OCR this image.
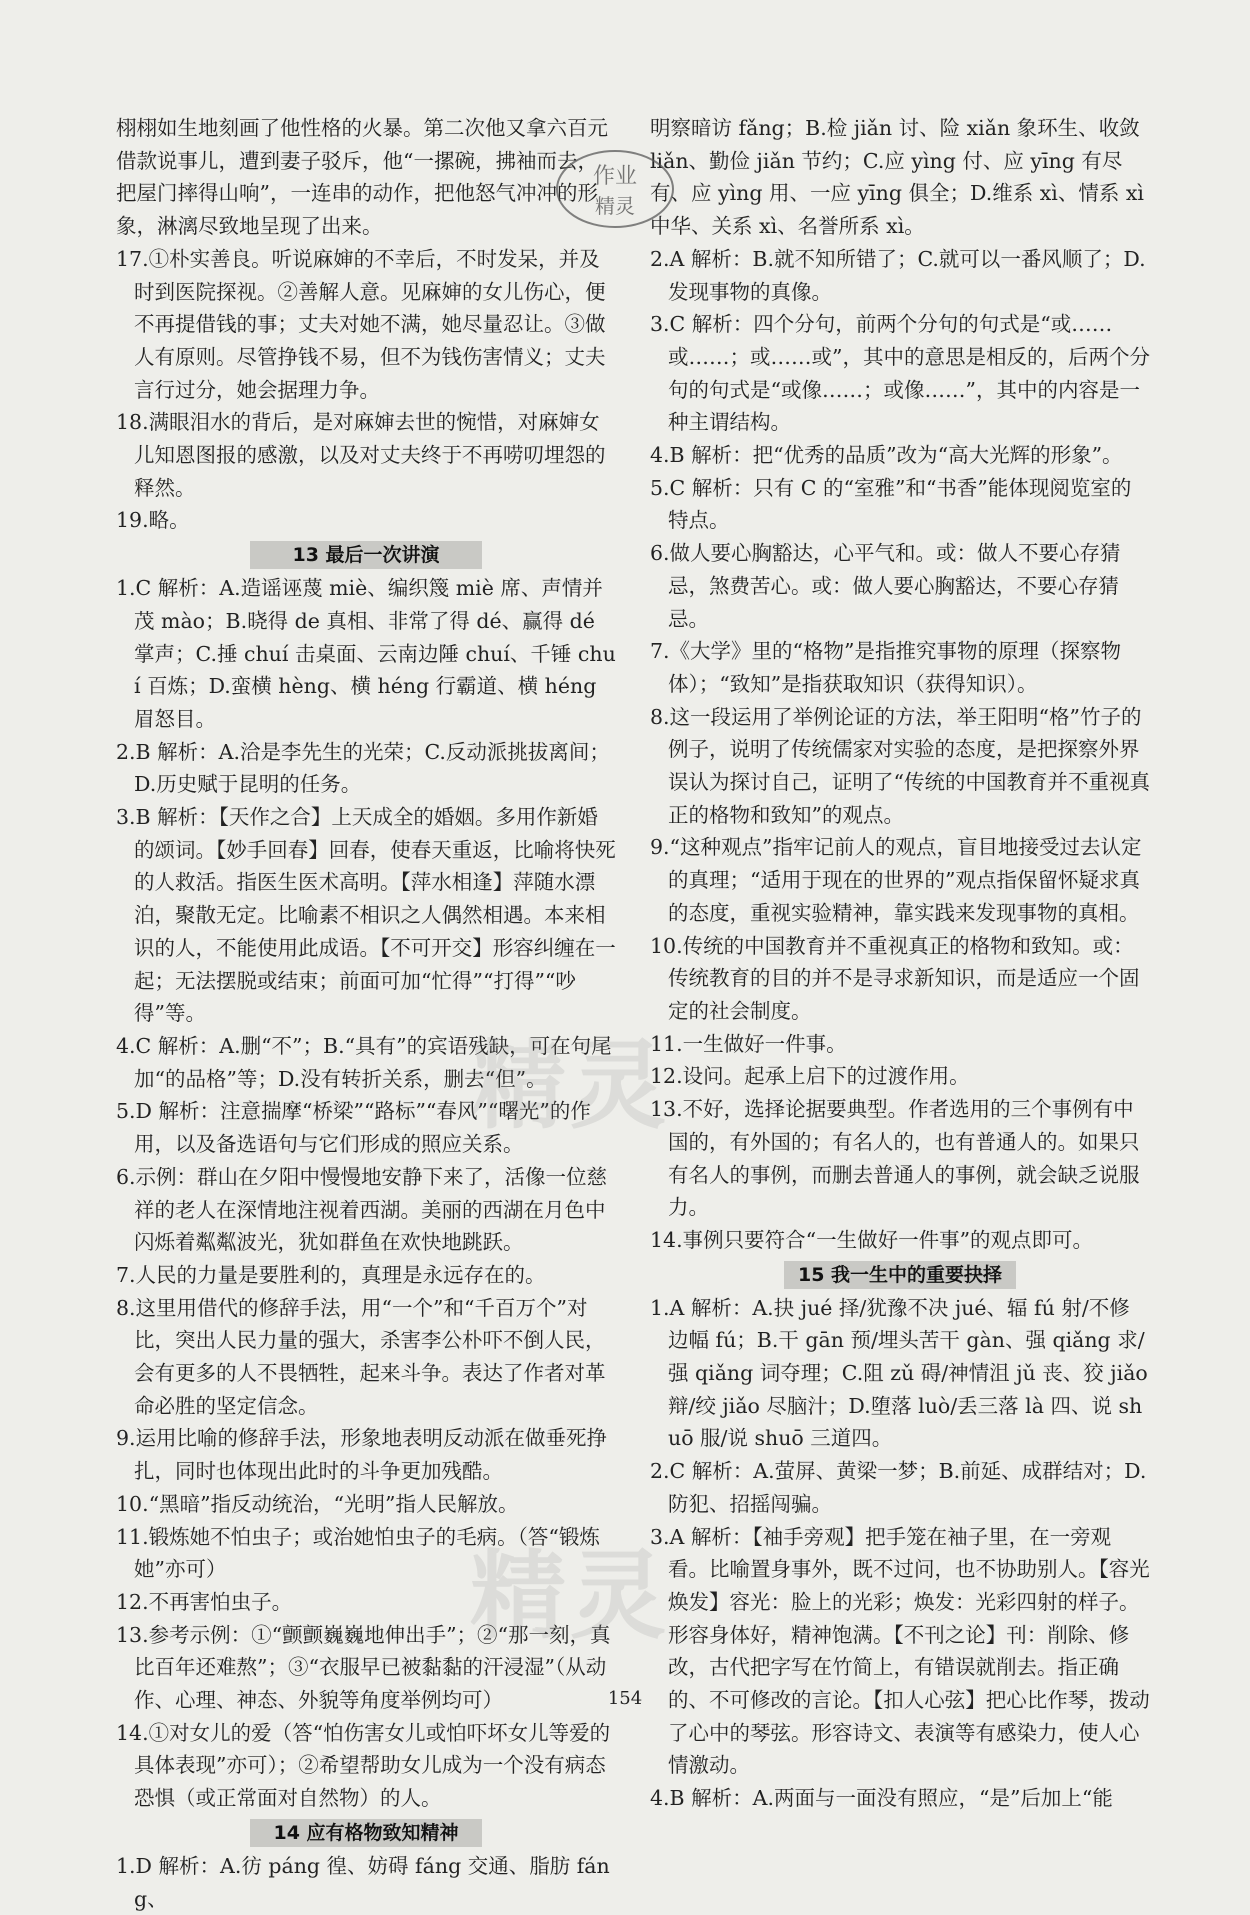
栩栩如生地刻画了他性格的火暴。第二次他又拿六百元借款说事儿，遭到妻子驳斥，他“一摞碗，拂袖而去，把屋门摔得山响”，一连串的动作，把他怒气冲冲的形象，淋漓尽致地呈现了出来。

17.①朴实善良。听说麻婶的不幸后，不时发呆，并及时到医院探视。②善解人意。见麻婶的女儿伤心，便不再提借钱的事；丈夫对她不满，她尽量忍让。③做人有原则。尽管挣钱不易，但不为钱伤害情义；丈夫言行过分，她会据理力争。

18.满眼泪水的背后，是对麻婶去世的惋惜，对麻婶女儿知恩图报的感激，以及对丈夫终于不再唠叨埋怨的释然。

19.略。

13 最后一次讲演

1.C 解析：A.造谣诬蔑 miè、编织篾 miè 席、声情并茂 mào；B.晓得 de 真相、非常了得 dé、赢得 dé 掌声；C.捶 chuí 击桌面、云南边陲 chuí、千锤 chuí 百炼；D.蛮横 hèng、横 héng 行霸道、横 héng 眉怒目。

2.B 解析：A.洽是李先生的光荣；C.反动派挑拔离间；D.历史赋于昆明的任务。

3.B 解析：【天作之合】上天成全的婚姻。多用作新婚的颂词。【妙手回春】回春，使春天重返，比喻将快死的人救活。指医生医术高明。【萍水相逢】萍随水漂泊，聚散无定。比喻素不相识之人偶然相遇。本来相识的人，不能使用此成语。【不可开交】形容纠缠在一起；无法摆脱或结束；前面可加“忙得”“打得”“吵得”等。

4.C 解析：A.删“不”；B.“具有”的宾语残缺，可在句尾加“的品格”等；D.没有转折关系，删去“但”。

5.D 解析：注意揣摩“桥梁”“路标”“春风”“曙光”的作用，以及备选语句与它们形成的照应关系。

6.示例：群山在夕阳中慢慢地安静下来了，活像一位慈祥的老人在深情地注视着西湖。美丽的西湖在月色中闪烁着粼粼波光，犹如群鱼在欢快地跳跃。

7.人民的力量是要胜利的，真理是永远存在的。

8.这里用借代的修辞手法，用“一个”和“千百万个”对比，突出人民力量的强大，杀害李公朴吓不倒人民，会有更多的人不畏牺牲，起来斗争。表达了作者对革命必胜的坚定信念。

9.运用比喻的修辞手法，形象地表明反动派在做垂死挣扎，同时也体现出此时的斗争更加残酷。

10.“黑暗”指反动统治，“光明”指人民解放。

11.锻炼她不怕虫子；或治她怕虫子的毛病。（答“锻炼她”亦可）

12.不再害怕虫子。

13.参考示例：①“颤颤巍巍地伸出手”；②“那一刻，真比百年还难熬”；③“衣服早已被黏黏的汗浸湿”（从动作、心理、神态、外貌等角度举例均可）

14.①对女儿的爱（答“怕伤害女儿或怕吓坏女儿等爱的具体表现”亦可）；②希望帮助女儿成为一个没有病态恐惧（或正常面对自然物）的人。

14 应有格物致知精神

1.D 解析：A.彷 páng 徨、妨碍 fáng 交通、脂肪 fáng、

明察暗访 fǎng；B.检 jiǎn 讨、险 xiǎn 象环生、收敛 liǎn、勤俭 jiǎn 节约；C.应 yìng 付、应 yīng 有尽有、应 yìng 用、一应 yīng 俱全；D.维系 xì、情系 xì 中华、关系 xì、名誉所系 xì。

2.A 解析：B.就不知所错了；C.就可以一番风顺了；D.发现事物的真像。

3.C 解析：四个分句，前两个分句的句式是“或……或……；或……或”，其中的意思是相反的，后两个分句的句式是“或像……；或像……”，其中的内容是一种主谓结构。

4.B 解析：把“优秀的品质”改为“高大光辉的形象”。

5.C 解析：只有 C 的“室雅”和“书香”能体现阅览室的特点。

6.做人要心胸豁达，心平气和。或：做人不要心存猜忌，煞费苦心。或：做人要心胸豁达，不要心存猜忌。

7.《大学》里的“格物”是指推究事物的原理（探察物体）；“致知”是指获取知识（获得知识）。

8.这一段运用了举例论证的方法，举王阳明“格”竹子的例子，说明了传统儒家对实验的态度，是把探察外界误认为探讨自己，证明了“传统的中国教育并不重视真正的格物和致知”的观点。

9.“这种观点”指牢记前人的观点，盲目地接受过去认定的真理；“适用于现在的世界的”观点指保留怀疑求真的态度，重视实验精神，靠实践来发现事物的真相。

10.传统的中国教育并不重视真正的格物和致知。或：传统教育的目的并不是寻求新知识，而是适应一个固定的社会制度。

11.一生做好一件事。

12.设问。起承上启下的过渡作用。

13.不好，选择论据要典型。作者选用的三个事例有中国的，有外国的；有名人的，也有普通人的。如果只有名人的事例，而删去普通人的事例，就会缺乏说服力。

14.事例只要符合“一生做好一件事”的观点即可。

15 我一生中的重要抉择

1.A 解析：A.抉 jué 择/犹豫不决 jué、辐 fú 射/不修边幅 fú；B.干 gān 预/埋头苦干 gàn、强 qiǎng 求/强 qiǎng 词夺理；C.阻 zǔ 碍/神情沮 jǔ 丧、狡 jiǎo 辩/绞 jiǎo 尽脑汁；D.堕落 luò/丢三落 là 四、说 shuō 服/说 shuō 三道四。

2.C 解析：A.萤屏、黄梁一梦；B.前延、成群结对；D.防犯、招摇闯骗。

3.A 解析：【袖手旁观】把手笼在袖子里，在一旁观看。比喻置身事外，既不过问，也不协助别人。【容光焕发】容光：脸上的光彩；焕发：光彩四射的样子。形容身体好，精神饱满。【不刊之论】刊：削除、修改，古代把字写在竹简上，有错误就削去。指正确的、不可修改的言论。【扣人心弦】把心比作琴，拨动了心中的琴弦。形容诗文、表演等有感染力，使人心情激动。

4.B 解析：A.两面与一面没有照应，“是”后加上“能

作业
精灵
精灵
精灵
154
